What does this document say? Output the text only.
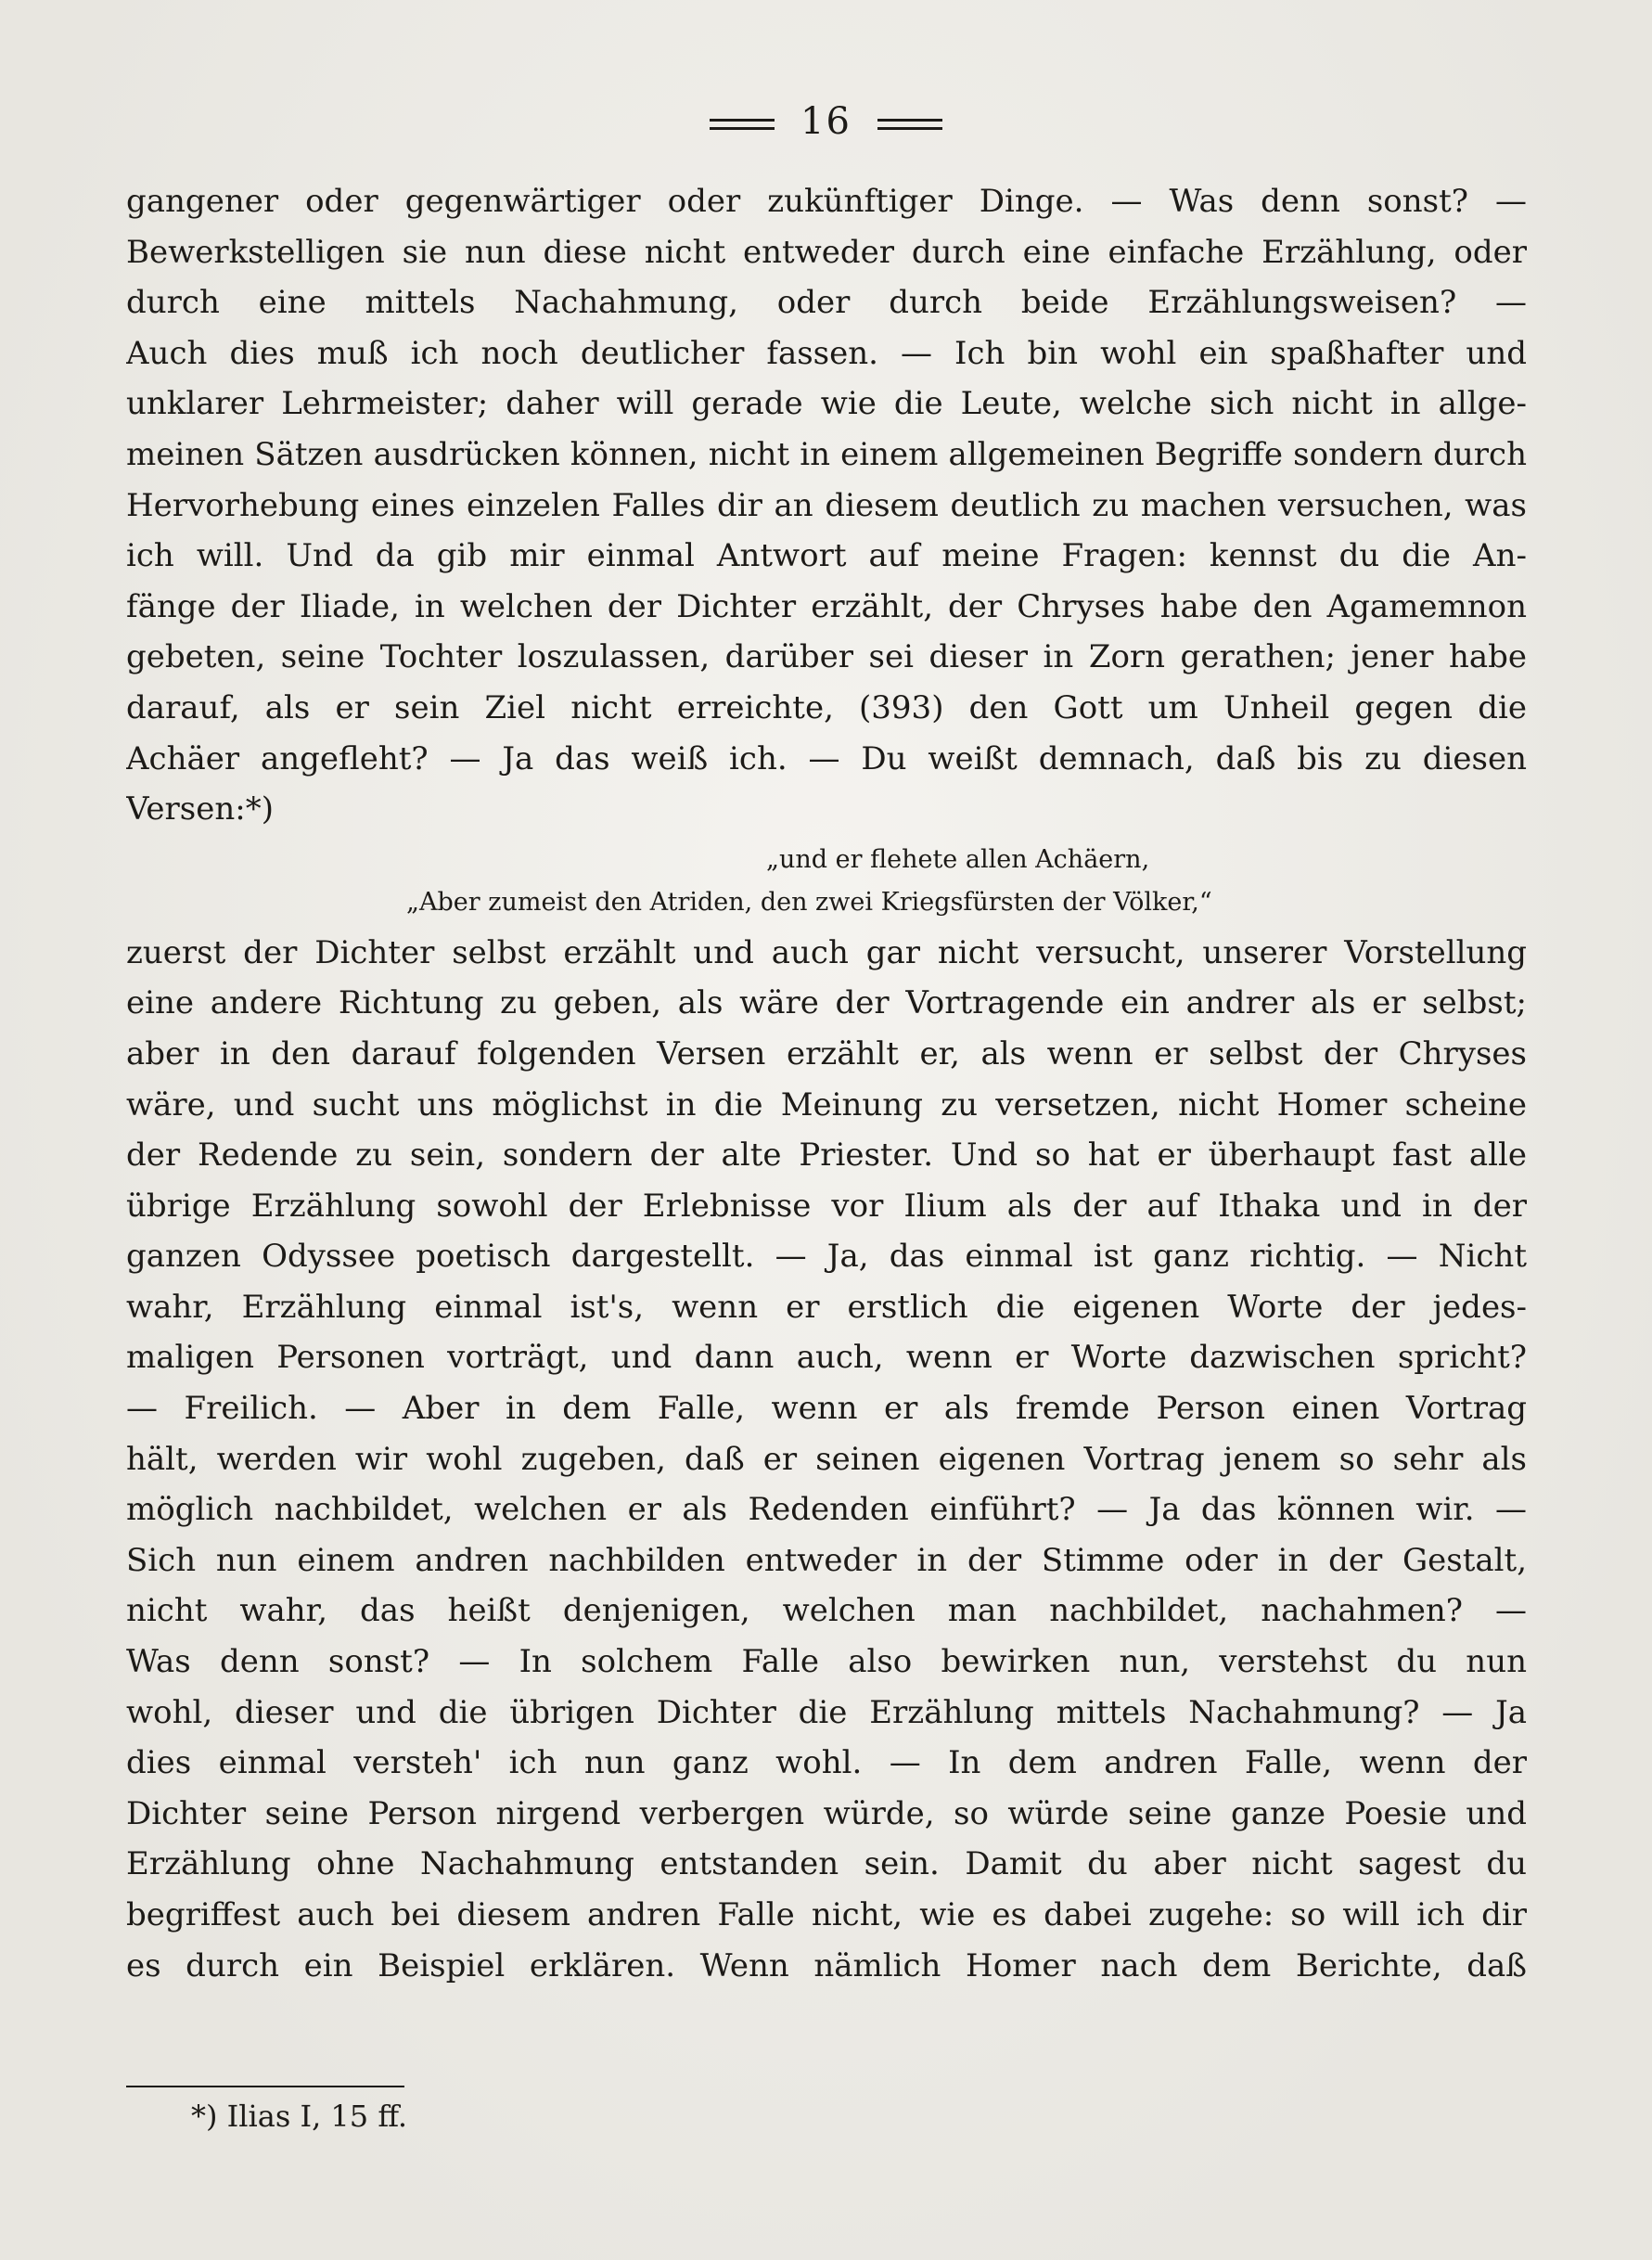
16
gangener oder gegenwärtiger oder zukünftiger Dinge. — Was denn sonst? —
Bewerkstelligen sie nun diese nicht entweder durch eine einfache Erzählung, oder
durch eine mittels Nachahmung, oder durch beide Erzählungsweisen? —
Auch dies muß ich noch deutlicher fassen. — Ich bin wohl ein spaßhafter und
unklarer Lehrmeister; daher will gerade wie die Leute, welche sich nicht in allge-
meinen Sätzen ausdrücken können, nicht in einem allgemeinen Begriffe sondern durch
Hervorhebung eines einzelen Falles dir an diesem deutlich zu machen versuchen, was
ich will. Und da gib mir einmal Antwort auf meine Fragen: kennst du die An-
fänge der Iliade, in welchen der Dichter erzählt, der Chryses habe den Agamemnon
gebeten, seine Tochter loszulassen, darüber sei dieser in Zorn gerathen; jener habe
darauf, als er sein Ziel nicht erreichte, (393) den Gott um Unheil gegen die
Achäer angefleht? — Ja das weiß ich. — Du weißt demnach, daß bis zu diesen
Versen:*)
„und er flehete allen Achäern,
„Aber zumeist den Atriden, den zwei Kriegsfürsten der Völker,“
zuerst der Dichter selbst erzählt und auch gar nicht versucht, unserer Vorstellung
eine andere Richtung zu geben, als wäre der Vortragende ein andrer als er selbst;
aber in den darauf folgenden Versen erzählt er, als wenn er selbst der Chryses
wäre, und sucht uns möglichst in die Meinung zu versetzen, nicht Homer scheine
der Redende zu sein, sondern der alte Priester. Und so hat er überhaupt fast alle
übrige Erzählung sowohl der Erlebnisse vor Ilium als der auf Ithaka und in der
ganzen Odyssee poetisch dargestellt. — Ja, das einmal ist ganz richtig. — Nicht
wahr, Erzählung einmal ist's, wenn er erstlich die eigenen Worte der jedes-
maligen Personen vorträgt, und dann auch, wenn er Worte dazwischen spricht?
— Freilich. — Aber in dem Falle, wenn er als fremde Person einen Vortrag
hält, werden wir wohl zugeben, daß er seinen eigenen Vortrag jenem so sehr als
möglich nachbildet, welchen er als Redenden einführt? — Ja das können wir. —
Sich nun einem andren nachbilden entweder in der Stimme oder in der Gestalt,
nicht wahr, das heißt denjenigen, welchen man nachbildet, nachahmen? —
Was denn sonst? — In solchem Falle also bewirken nun, verstehst du nun
wohl, dieser und die übrigen Dichter die Erzählung mittels Nachahmung? — Ja
dies einmal versteh' ich nun ganz wohl. — In dem andren Falle, wenn der
Dichter seine Person nirgend verbergen würde, so würde seine ganze Poesie und
Erzählung ohne Nachahmung entstanden sein. Damit du aber nicht sagest du
begriffest auch bei diesem andren Falle nicht, wie es dabei zugehe: so will ich dir
es durch ein Beispiel erklären. Wenn nämlich Homer nach dem Berichte, daß
*) Ilias I, 15 ff.
